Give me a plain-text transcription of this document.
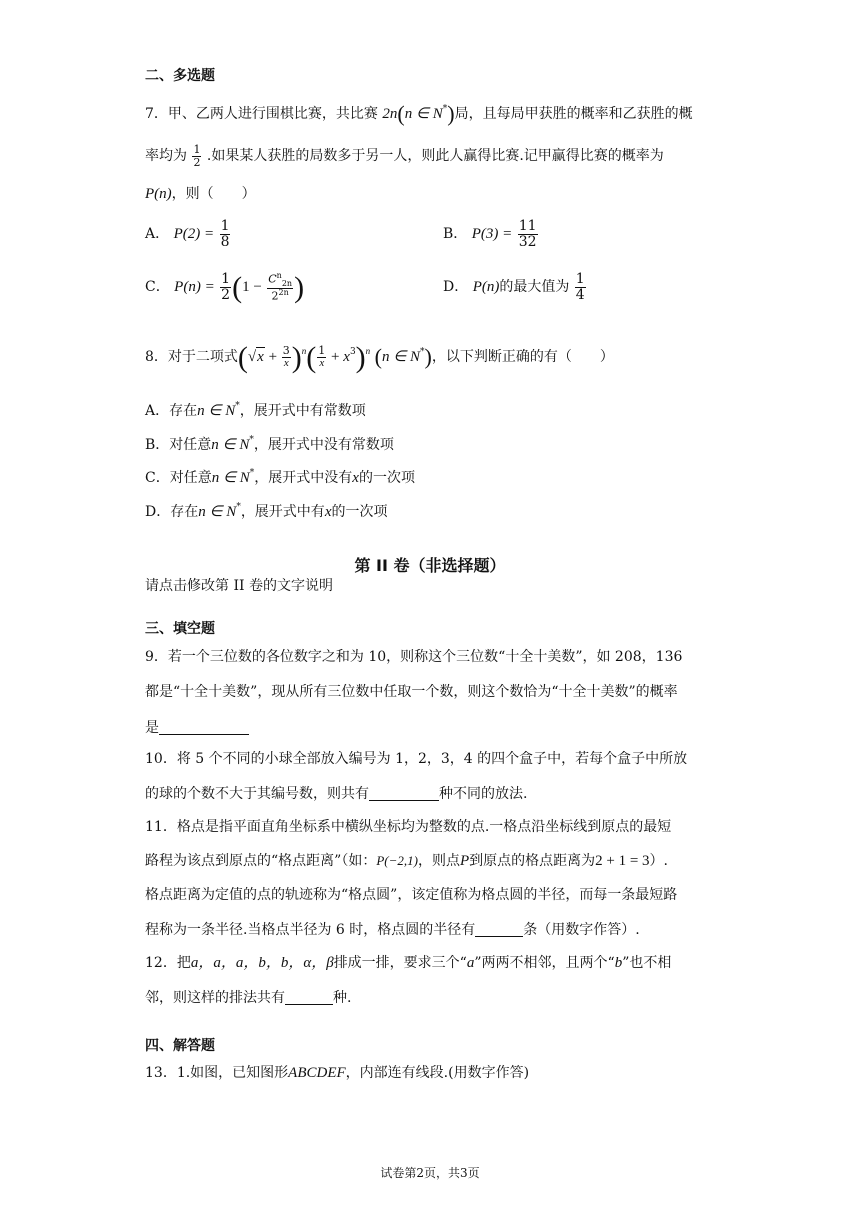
二、多选题
7．甲、乙两人进行围棋比赛，共比赛 2n(n ∈ N*)局，且每局甲获胜的概率和乙获胜的概
率均为 $\frac{1}{2}$ .如果某人获胜的局数多于另一人，则此人赢得比赛.记甲赢得比赛的概率为
P(n)，则（　　）
A． $P(2) = \frac{1}{8}$	B． $P(3) = \frac{11}{32}$
C． $P(n) = \frac{1}{2} (1 - \frac{C^n_{2n}}{2^{2n}}$ )	D． P(n)的最大值为 $\frac{1}{4}$
8．对于二项式$(√x + \frac{3}{x} )^n( \frac{1}{x} + x^3)^n$ (n ∈ N*)，以下判断正确的有（　　）
A．存在n ∈ N*，展开式中有常数项
B．对任意n ∈ N*，展开式中没有常数项
C．对任意n ∈ N*，展开式中没有x的一次项
D．存在n ∈ N*，展开式中有x的一次项
第 II 卷（非选择题）
请点击修改第 II 卷的文字说明
三、填空题
9．若一个三位数的各位数字之和为 10，则称这个三位数“十全十美数”，如 208，136
都是“十全十美数”，现从所有三位数中任取一个数，则这个数恰为“十全十美数”的概率
是
10．将 5 个不同的小球全部放入编号为 1，2，3，4 的四个盒子中，若每个盒子中所放
的球的个数不大于其编号数，则共有	种不同的放法.
11．格点是指平面直角坐标系中横纵坐标均为整数的点.一格点沿坐标线到原点的最短
路程为该点到原点的“格点距离”（如：P(−2,1)，则点P到原点的格点距离为2 + 1 = 3）.
格点距离为定值的点的轨迹称为“格点圆”，该定值称为格点圆的半径，而每一条最短路
程称为一条半径.当格点半径为 6 时，格点圆的半径有	条（用数字作答）.
12．把a，a，a，b，b，α，β排成一排，要求三个“a”两两不相邻，且两个“b”也不相
邻，则这样的排法共有	种.
四、解答题
13．1.如图，已知图形ABCDEF，内部连有线段.(用数字作答)
试卷第2页，共3页
